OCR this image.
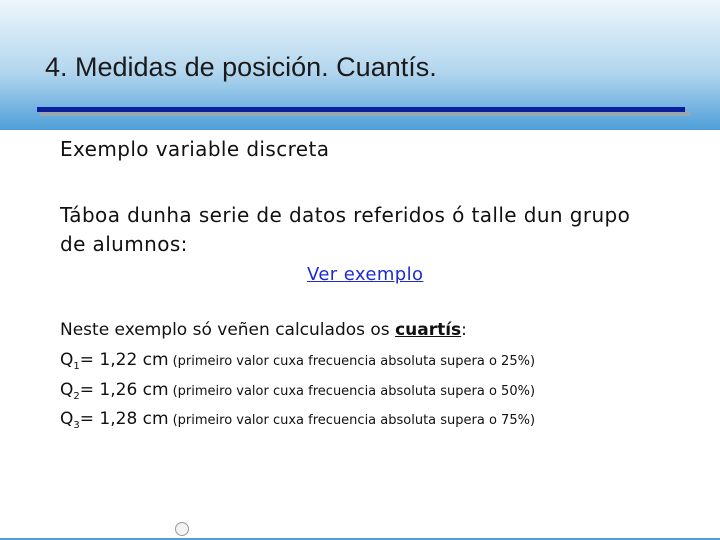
4. Medidas de posición. Cuantís.
Exemplo variable discreta
Táboa dunha serie de datos referidos ó talle dun grupo
de alumnos:
Ver exemplo
Neste exemplo só veñen calculados os cuartís:
$Q_1= 1,22$ cm (primeiro valor cuxa frecuencia absoluta supera o 25%)
$Q_2= 1,26$ cm (primeiro valor cuxa frecuencia absoluta supera o 50%)
$Q_3= 1,28$ cm (primeiro valor cuxa frecuencia absoluta supera o 75%)
